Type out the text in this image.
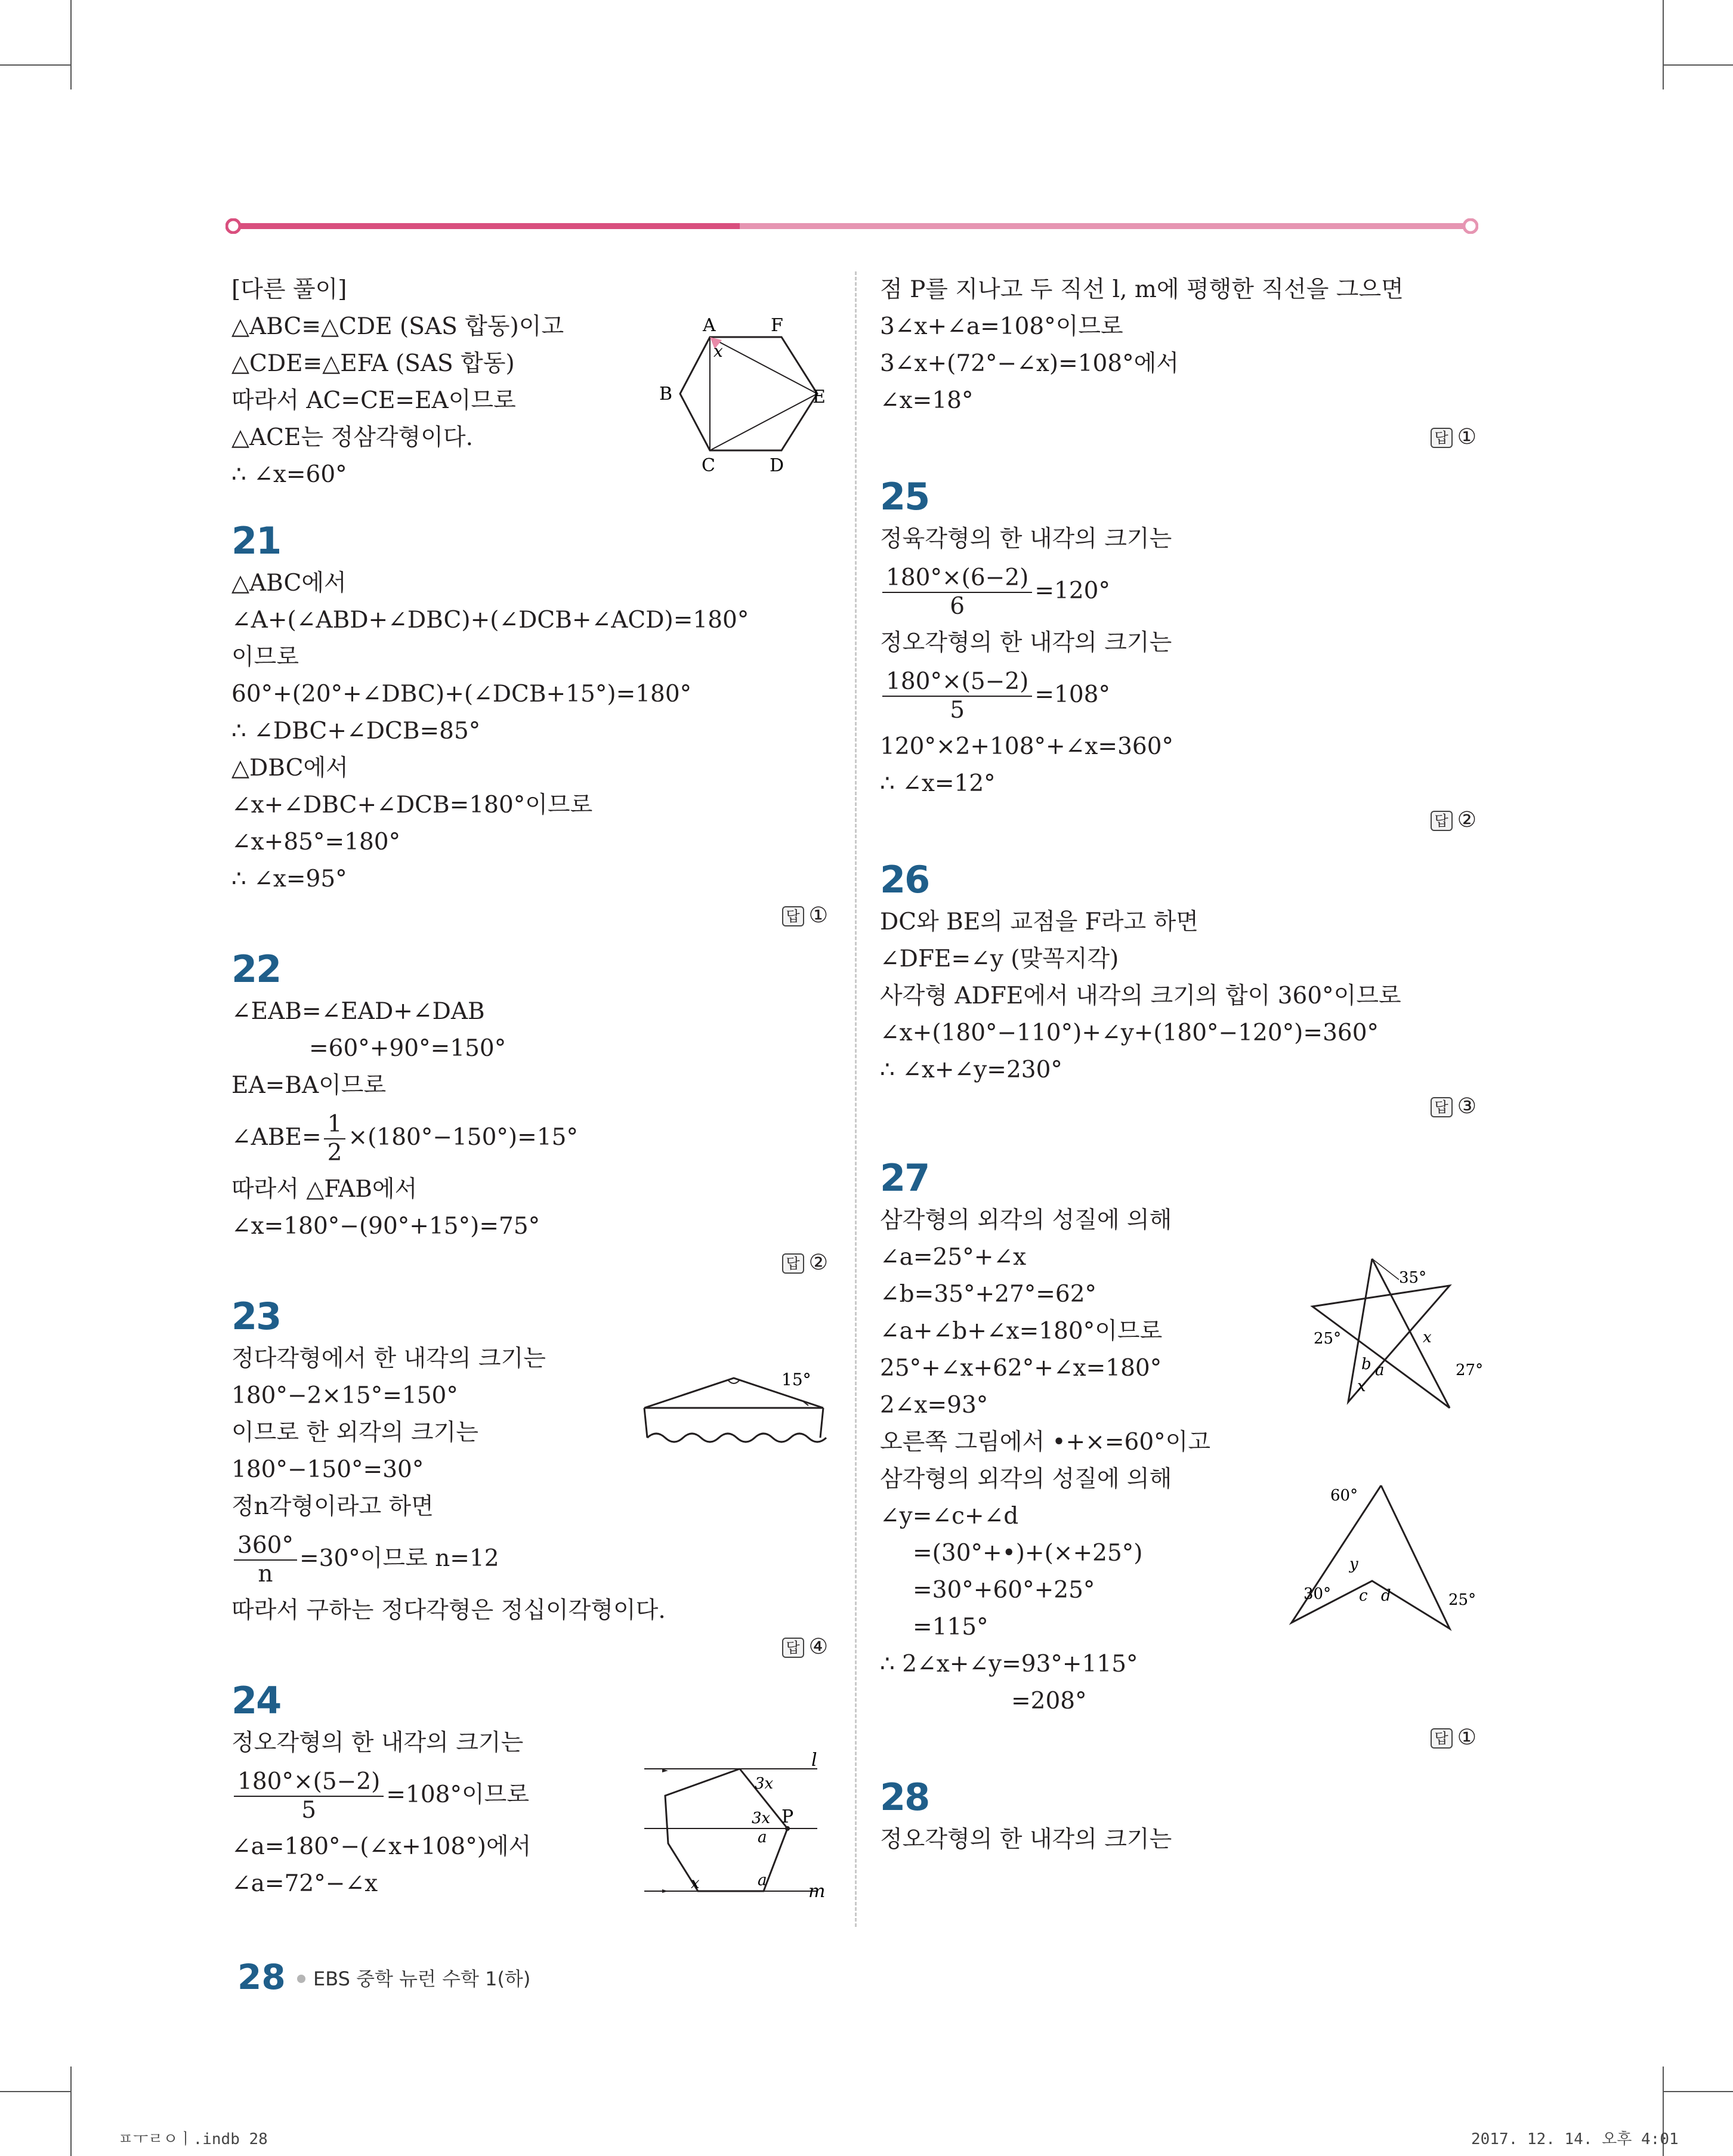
[다른 풀이]
△ABC≡△CDE (SAS 합동)이고
△CDE≡△EFA (SAS 합동)
따라서 AC=CE=EA이므로
△ACE는 정삼각형이다.
∴ ∠x=60°
21
△ABC에서
∠A+(∠ABD+∠DBC)+(∠DCB+∠ACD)=180°
이므로
60°+(20°+∠DBC)+(∠DCB+15°)=180°
∴ ∠DBC+∠DCB=85°
△DBC에서
∠x+∠DBC+∠DCB=180°이므로
∠x+85°=180°
∴ ∠x=95°
답 ①
22
∠EAB=∠EAD+∠DAB
=60°+90°=150°
EA=BA이므로
∠ABE= $\frac{1}{2} \times(180^\circ-150^\circ)=15^\circ$
따라서 △FAB에서
∠x=180°−(90°+15°)=75°
답 ②
23
정다각형에서 한 내각의 크기는
180°−2×15°=150°
이므로 한 외각의 크기는
180°−150°=30°
정n각형이라고 하면
$\frac{360^\circ}{n} =30^\circ$이므로 n=12
따라서 구하는 정다각형은 정십이각형이다.
답 ④
24
정오각형의 한 내각의 크기는
$\frac{180^\circ\times(5-2)}{5} =108^\circ$이므로
∠a=180°−(∠x+108°)에서
∠a=72°−∠x
점 P를 지나고 두 직선 l, m에 평행한 직선을 그으면
3∠x+∠a=108°이므로
3∠x+(72°−∠x)=108°에서
∠x=18°
답 ①
25
정육각형의 한 내각의 크기는
$\frac{180^\circ\times(6-2)}{6} =120^\circ$
정오각형의 한 내각의 크기는
$\frac{180^\circ\times(5-2)}{5} =108^\circ$
120°×2+108°+∠x=360°
∴ ∠x=12°
답 ②
26
DC와 BE의 교점을 F라고 하면
∠DFE=∠y (맞꼭지각)
사각형 ADFE에서 내각의 크기의 합이 360°이므로
∠x+(180°−110°)+∠y+(180°−120°)=360°
∴ ∠x+∠y=230°
답 ③
27
삼각형의 외각의 성질에 의해
∠a=25°+∠x
∠b=35°+27°=62°
∠a+∠b+∠x=180°이므로
25°+∠x+62°+∠x=180°
2∠x=93°
오른쪽 그림에서 •+×=60°이고
삼각형의 외각의 성질에 의해
∠y=∠c+∠d
=(30°+•)+(×+25°)
=30°+60°+25°
=115°
∴ 2∠x+∠y=93°+115°
=208°
답 ①
28
정오각형의 한 내각의 크기는
A	F
B	E
C	D
x
15°
l
m
P
3x
3x
a
a
x
35°
25°	x
b a
x
27°
60°
y
30° c d	25°
28 EBS 중학 뉴런 수학 1(하)
ㅍㅜㄹㅇㅣ.indb 28	2017. 12. 14. 오후 4:01
